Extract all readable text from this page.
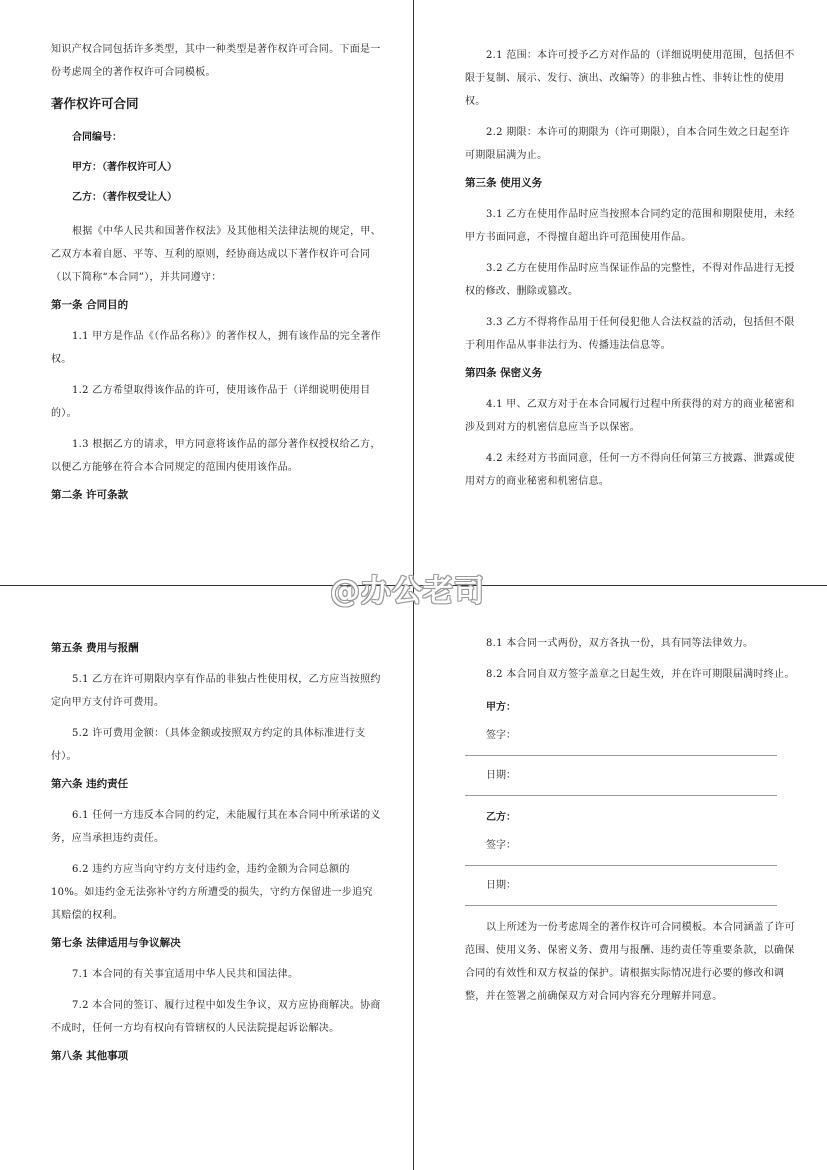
知识产权合同包括许多类型，其中一种类型是著作权许可合同。下面是一份考虑周全的著作权许可合同模板。

著作权许可合同

合同编号：

甲方：（著作权许可人）

乙方：（著作权受让人）

根据《中华人民共和国著作权法》及其他相关法律法规的规定，甲、乙双方本着自愿、平等、互利的原则，经协商达成以下著作权许可合同（以下简称“本合同”），并共同遵守：

第一条 合同目的

1.1 甲方是作品《（作品名称）》的著作权人，拥有该作品的完全著作权。

1.2 乙方希望取得该作品的许可，使用该作品于（详细说明使用目的）。

1.3 根据乙方的请求，甲方同意将该作品的部分著作权授权给乙方，以便乙方能够在符合本合同规定的范围内使用该作品。

第二条 许可条款

2.1 范围：本许可授予乙方对作品的（详细说明使用范围，包括但不限于复制、展示、发行、演出、改编等）的非独占性、非转让性的使用权。

2.2 期限：本许可的期限为（许可期限），自本合同生效之日起至许可期限届满为止。

第三条 使用义务

3.1 乙方在使用作品时应当按照本合同约定的范围和期限使用，未经甲方书面同意，不得擅自超出许可范围使用作品。

3.2 乙方在使用作品时应当保证作品的完整性，不得对作品进行无授权的修改、删除或篡改。

3.3 乙方不得将作品用于任何侵犯他人合法权益的活动，包括但不限于利用作品从事非法行为、传播违法信息等。

第四条 保密义务

4.1 甲、乙双方对于在本合同履行过程中所获得的对方的商业秘密和涉及到对方的机密信息应当予以保密。

4.2 未经对方书面同意，任何一方不得向任何第三方披露、泄露或使用对方的商业秘密和机密信息。

第五条 费用与报酬

5.1 乙方在许可期限内享有作品的非独占性使用权，乙方应当按照约定向甲方支付许可费用。

5.2 许可费用金额：（具体金额或按照双方约定的具体标准进行支付）。

第六条 违约责任

6.1 任何一方违反本合同的约定，未能履行其在本合同中所承诺的义务，应当承担违约责任。

6.2 违约方应当向守约方支付违约金，违约金额为合同总额的10%。如违约金无法弥补守约方所遭受的损失，守约方保留进一步追究其赔偿的权利。

第七条 法律适用与争议解决

7.1 本合同的有关事宜适用中华人民共和国法律。

7.2 本合同的签订、履行过程中如发生争议，双方应协商解决。协商不成时，任何一方均有权向有管辖权的人民法院提起诉讼解决。

第八条 其他事项

8.1 本合同一式两份，双方各执一份，具有同等法律效力。

8.2 本合同自双方签字盖章之日起生效，并在许可期限届满时终止。

甲方：

签字：

日期：

乙方：

签字：

日期：

以上所述为一份考虑周全的著作权许可合同模板。本合同涵盖了许可范围、使用义务、保密义务、费用与报酬、违约责任等重要条款，以确保合同的有效性和双方权益的保护。请根据实际情况进行必要的修改和调整，并在签署之前确保双方对合同内容充分理解并同意。

@办公老司
